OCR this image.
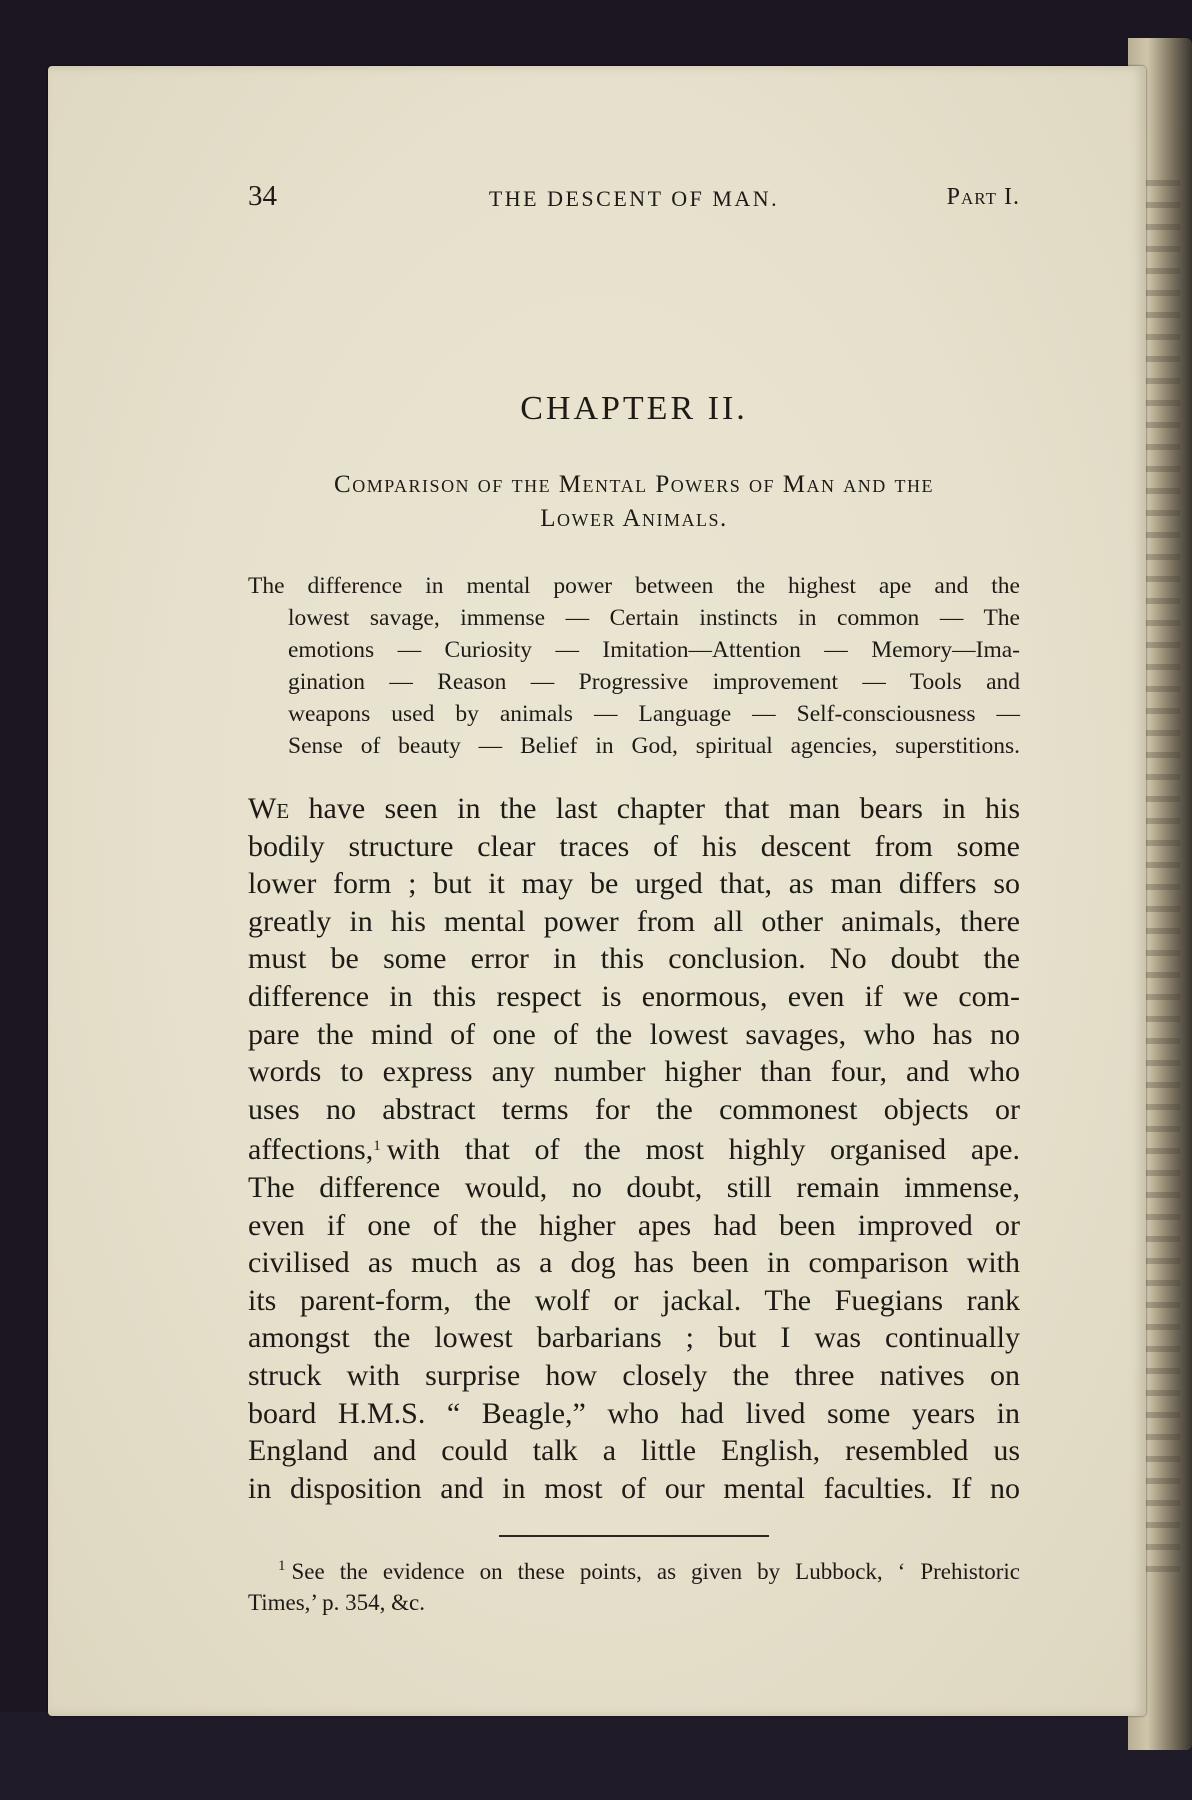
34	THE DESCENT OF MAN.	Part I.
CHAPTER II.
Comparison of the Mental Powers of Man and the
Lower Animals.
The difference in mental power between the highest ape and the
lowest savage, immense — Certain instincts in common — The
emotions — Curiosity — Imitation—Attention — Memory—Ima-
gination — Reason — Progressive improvement — Tools and
weapons used by animals — Language — Self-consciousness —
Sense of beauty — Belief in God, spiritual agencies, superstitions.
We have seen in the last chapter that man bears in his
bodily structure clear traces of his descent from some
lower form ; but it may be urged that, as man differs so
greatly in his mental power from all other animals, there
must be some error in this conclusion. No doubt the
difference in this respect is enormous, even if we com-
pare the mind of one of the lowest savages, who has no
words to express any number higher than four, and who
uses no abstract terms for the commonest objects or
affections,$^1$ with that of the most highly organised ape.
The difference would, no doubt, still remain immense,
even if one of the higher apes had been improved or
civilised as much as a dog has been in comparison with
its parent-form, the wolf or jackal. The Fuegians rank
amongst the lowest barbarians ; but I was continually
struck with surprise how closely the three natives on
board H.M.S. “ Beagle,” who had lived some years in
England and could talk a little English, resembled us
in disposition and in most of our mental faculties. If no
$^1$ See the evidence on these points, as given by Lubbock, ‘ Prehistoric
Times,’ p. 354, &c.
